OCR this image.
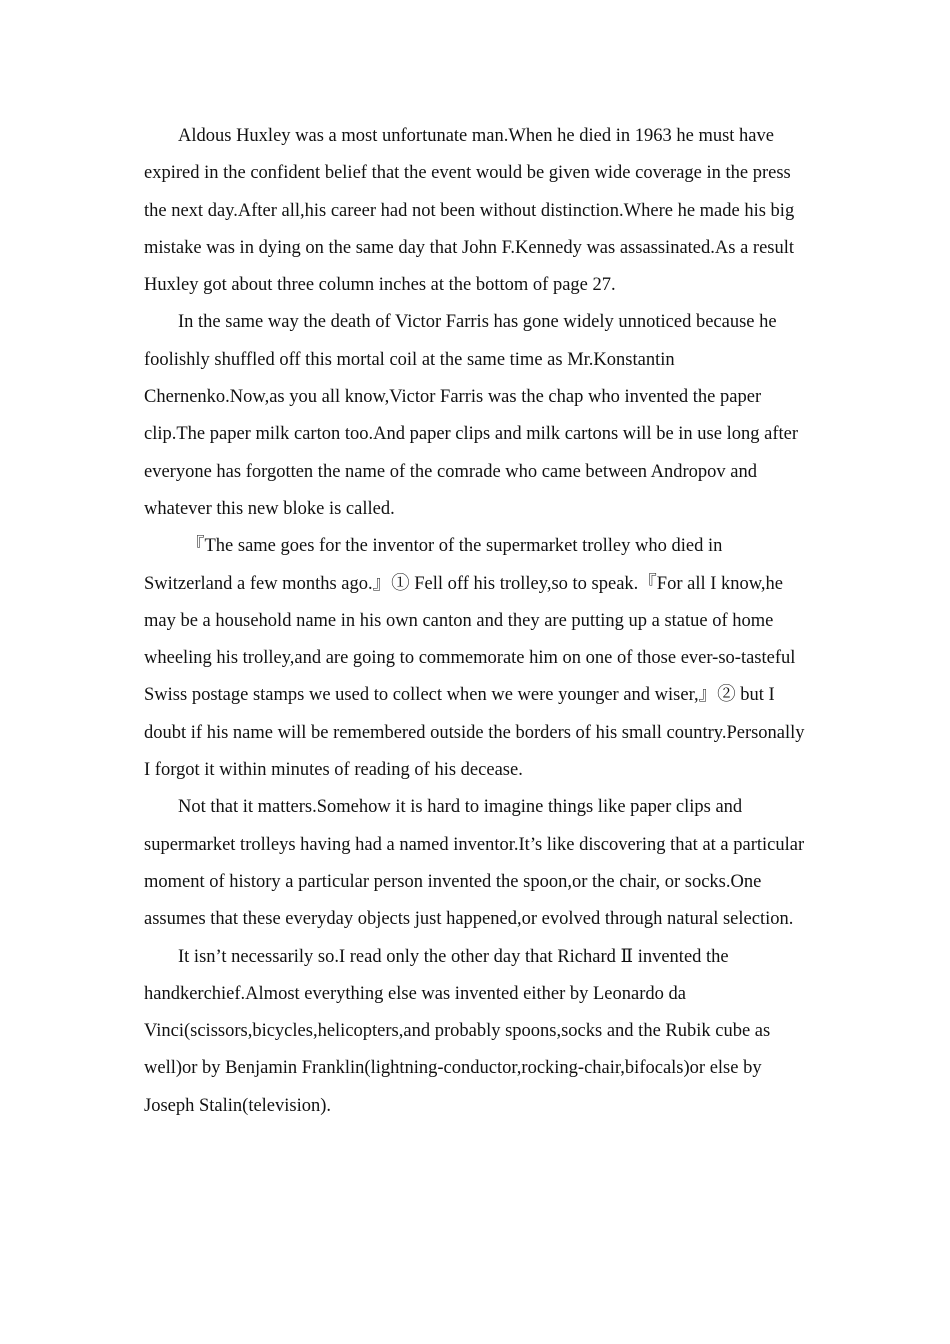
Aldous Huxley was a most unfortunate man.When he died in 1963 he must have expired in the confident belief that the event would be given wide coverage in the press the next day.After all,his career had not been without distinction.Where he made his big mistake was in dying on the same day that John F.Kennedy was assassinated.As a result Huxley got about three column inches at the bottom of page 27.

In the same way the death of Victor Farris has gone widely unnoticed because he foolishly shuffled off this mortal coil at the same time as Mr.Konstantin Chernenko.Now,as you all know,Victor Farris was the chap who invented the paper clip.The paper milk carton too.And paper clips and milk cartons will be in use long after everyone has forgotten the name of the comrade who came between Andropov and whatever this new bloke is called.

『The same goes for the inventor of the supermarket trolley who died in Switzerland a few months ago.』① Fell off his trolley,so to speak.『For all I know,he may be a household name in his own canton and they are putting up a statue of home wheeling his trolley,and are going to commemorate him on one of those ever-so-tasteful Swiss postage stamps we used to collect when we were younger and wiser,』② but I doubt if his name will be remembered outside the borders of his small country.Personally I forgot it within minutes of reading of his decease.

Not that it matters.Somehow it is hard to imagine things like paper clips and supermarket trolleys having had a named inventor.It’s like discovering that at a particular moment of history a particular person invented the spoon,or the chair, or socks.One assumes that these everyday objects just happened,or evolved through natural selection.

It isn’t necessarily so.I read only the other day that Richard Ⅱ invented the handkerchief.Almost everything else was invented either by Leonardo da Vinci(scissors,bicycles,helicopters,and probably spoons,socks and the Rubik cube as well)or by Benjamin Franklin(lightning-conductor,rocking-chair,bifocals)or else by Joseph Stalin(television).
